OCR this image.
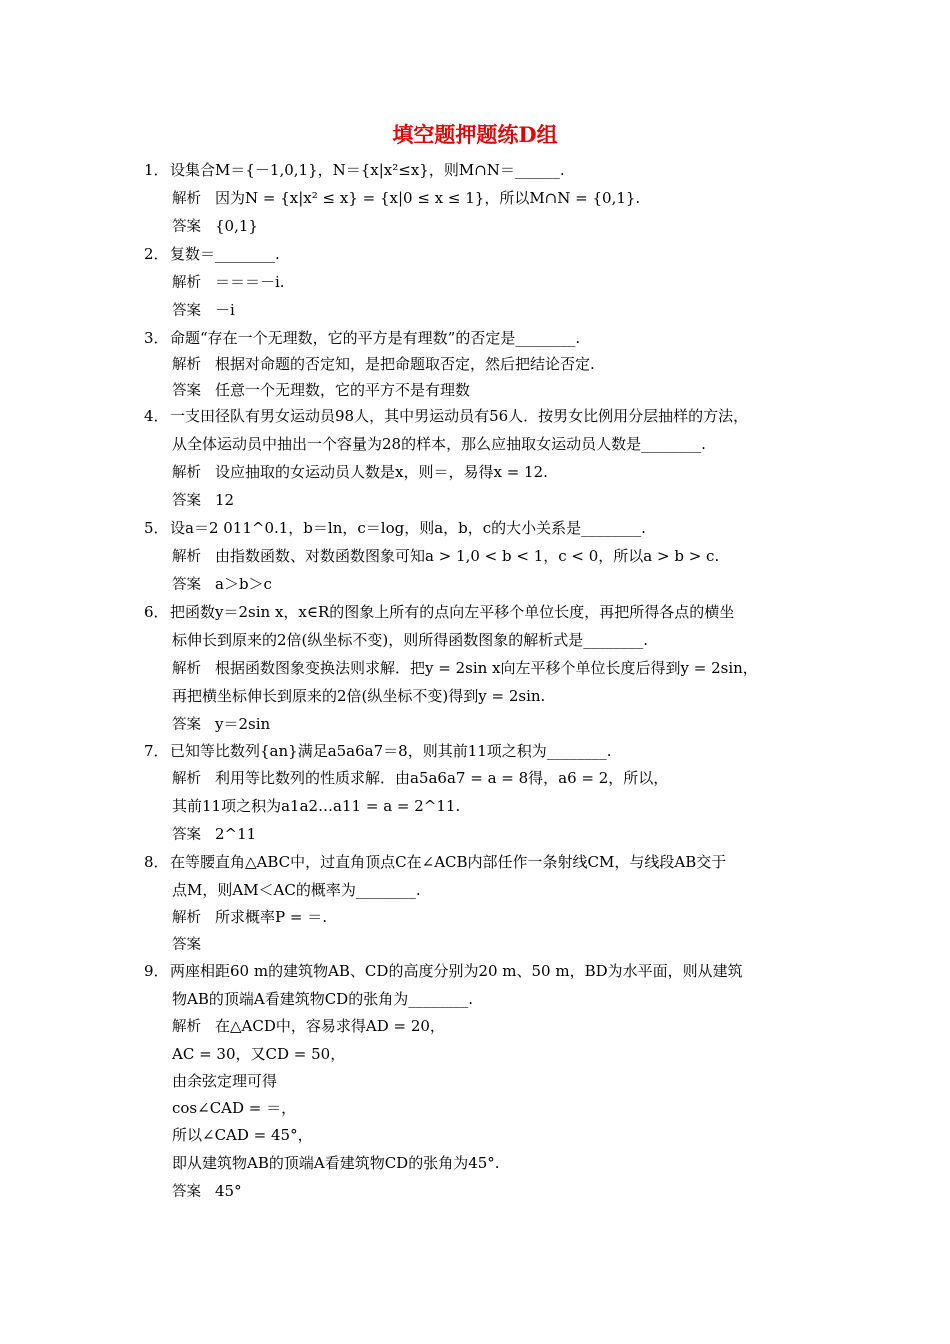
填空题押题练D组
1．设集合M＝{－1,0,1}，N＝{x|x²≤x}，则M∩N＝______.
解析 因为N = {x|x² ≤ x} = {x|0 ≤ x ≤ 1}，所以M∩N = {0,1}.
答案 {0,1}
2．复数＝________.
解析 ＝＝＝－i.
答案 －i
3．命题“存在一个无理数，它的平方是有理数”的否定是________.
解析 根据对命题的否定知，是把命题取否定，然后把结论否定.
答案 任意一个无理数，它的平方不是有理数
4．一支田径队有男女运动员98人，其中男运动员有56人．按男女比例用分层抽样的方法，
从全体运动员中抽出一个容量为28的样本，那么应抽取女运动员人数是________.
解析 设应抽取的女运动员人数是x，则＝，易得x = 12.
答案 12
5．设a＝2 011^0.1，b＝ln，c＝log，则a，b，c的大小关系是________.
解析 由指数函数、对数函数图象可知a > 1,0 < b < 1，c < 0，所以a > b > c.
答案 a＞b＞c
6．把函数y＝2sin x，x∈R的图象上所有的点向左平移个单位长度，再把所得各点的横坐
标伸长到原来的2倍(纵坐标不变)，则所得函数图象的解析式是________.
解析 根据函数图象变换法则求解．把y = 2sin x向左平移个单位长度后得到y = 2sin，
再把横坐标伸长到原来的2倍(纵坐标不变)得到y = 2sin.
答案 y＝2sin
7．已知等比数列{an}满足a5a6a7＝8，则其前11项之积为________.
解析 利用等比数列的性质求解．由a5a6a7 = a = 8得，a6 = 2，所以，
其前11项之积为a1a2…a11 = a = 2^11.
答案 2^11
8．在等腰直角△ABC中，过直角顶点C在∠ACB内部任作一条射线CM，与线段AB交于
点M，则AM＜AC的概率为________.
解析 所求概率P = ＝.
答案
9．两座相距60 m的建筑物AB、CD的高度分别为20 m、50 m，BD为水平面，则从建筑
物AB的顶端A看建筑物CD的张角为________.
解析 在△ACD中，容易求得AD = 20，
AC = 30，又CD = 50，
由余弦定理可得
cos∠CAD = ＝，
所以∠CAD = 45°，
即从建筑物AB的顶端A看建筑物CD的张角为45°.
答案 45°
